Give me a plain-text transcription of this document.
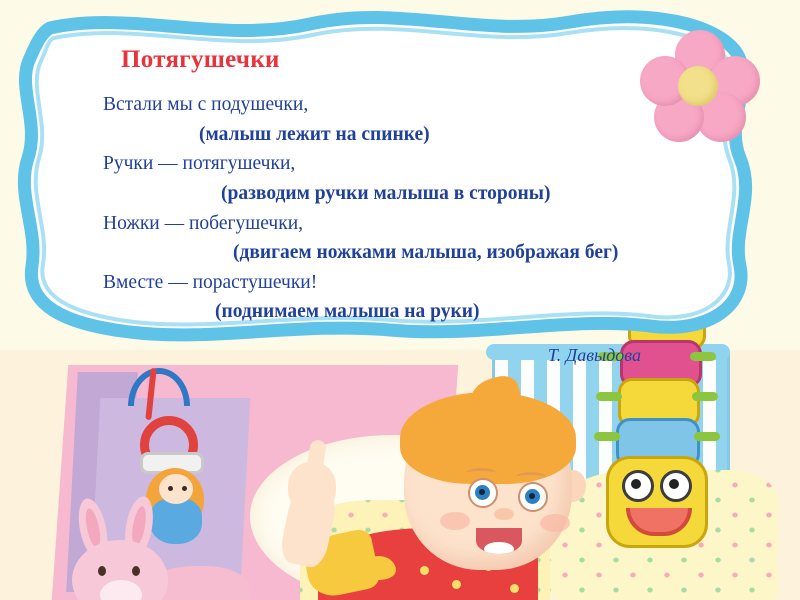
Потягушечки
Встали мы с подушечки,
(малыш лежит на спинке)
Ручки — потягушечки,
(разводим ручки малыша в стороны)
Ножки — побегушечки,
(двигаем ножками малыша, изображая бег)
Вместе — порастушечки!
(поднимаем малыша на руки)
Т. Давыдова
